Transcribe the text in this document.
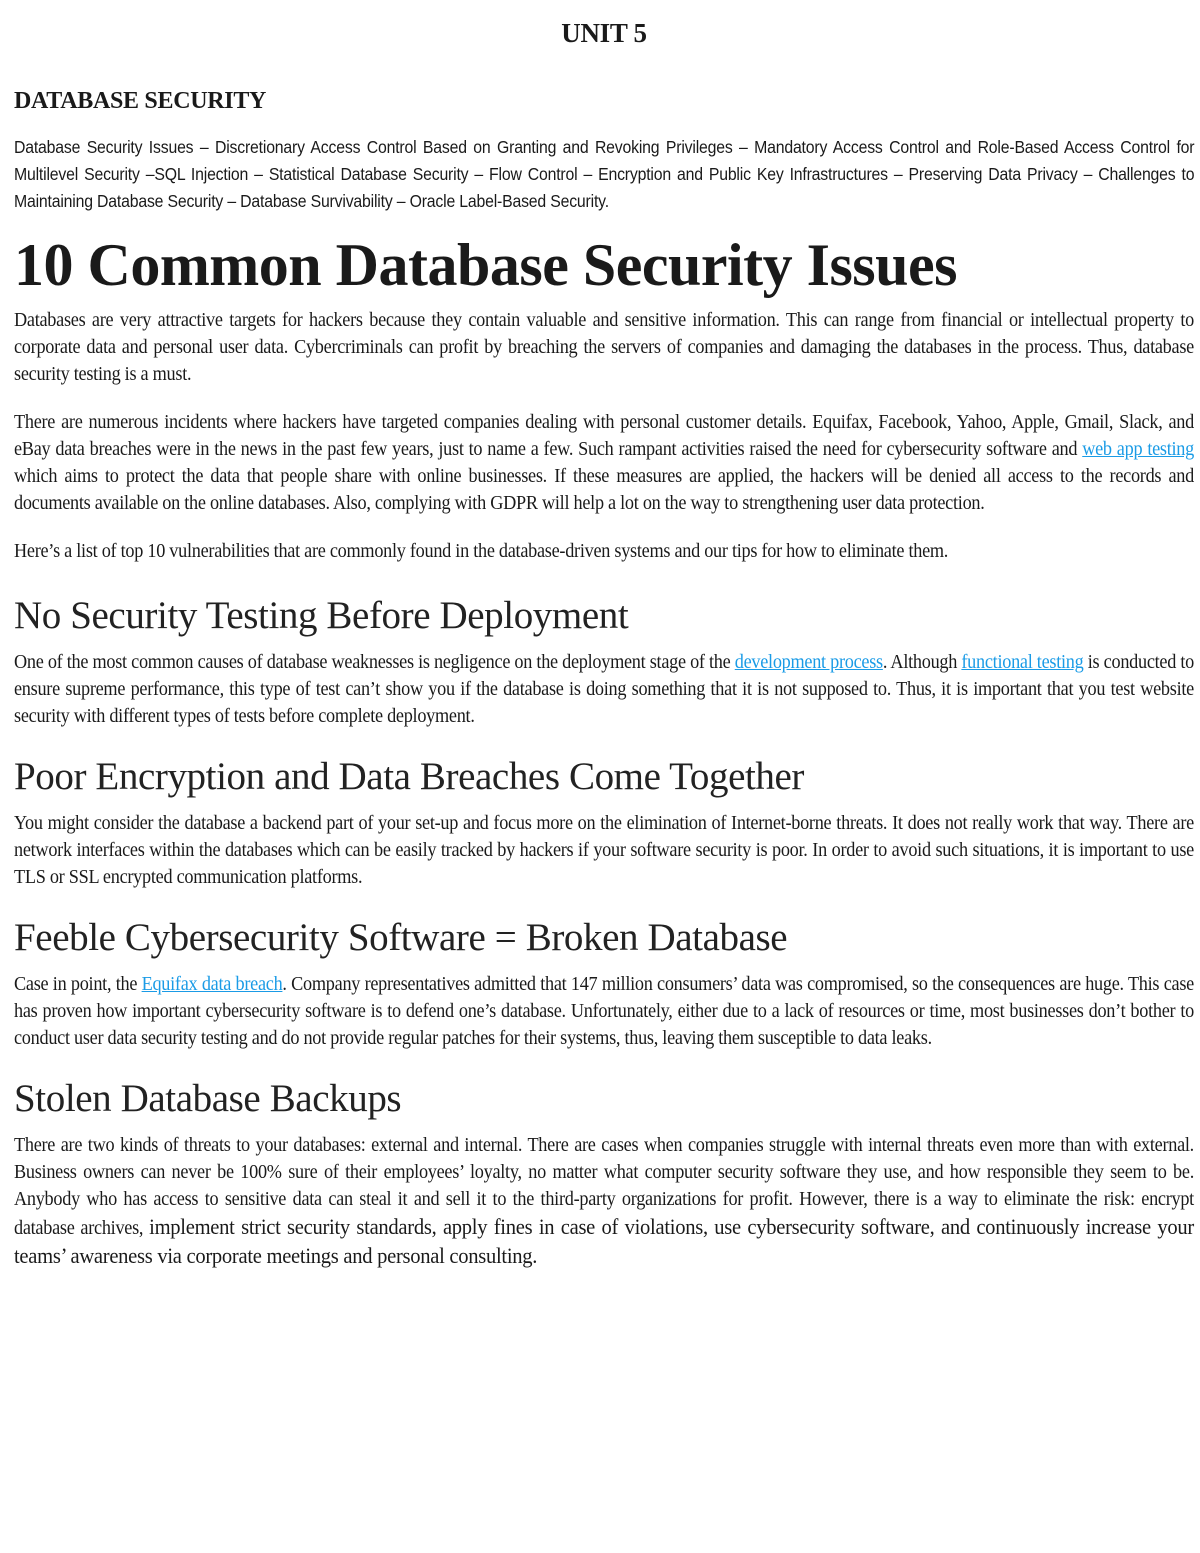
UNIT 5
DATABASE SECURITY

Database Security Issues – Discretionary Access Control Based on Granting and Revoking Privileges – Mandatory Access Control and Role-Based Access Control for Multilevel Security –SQL Injection – Statistical Database Security – Flow Control – Encryption and Public Key Infrastructures – Preserving Data Privacy – Challenges to Maintaining Database Security – Database Survivability – Oracle Label-Based Security.

10 Common Database Security Issues

Databases are very attractive targets for hackers because they contain valuable and sensitive information. This can range from financial or intellectual property to corporate data and personal user data. Cybercriminals can profit by breaching the servers of companies and damaging the databases in the process. Thus, database security testing is a must.

There are numerous incidents where hackers have targeted companies dealing with personal customer details. Equifax, Facebook, Yahoo, Apple, Gmail, Slack, and eBay data breaches were in the news in the past few years, just to name a few. Such rampant activities raised the need for cybersecurity software and web app testing which aims to protect the data that people share with online businesses. If these measures are applied, the hackers will be denied all access to the records and documents available on the online databases. Also, complying with GDPR will help a lot on the way to strengthening user data protection.

Here’s a list of top 10 vulnerabilities that are commonly found in the database-driven systems and our tips for how to eliminate them.

No Security Testing Before Deployment

One of the most common causes of database weaknesses is negligence on the deployment stage of the development process. Although functional testing is conducted to ensure supreme performance, this type of test can’t show you if the database is doing something that it is not supposed to. Thus, it is important that you test website security with different types of tests before complete deployment.

Poor Encryption and Data Breaches Come Together

You might consider the database a backend part of your set-up and focus more on the elimination of Internet-borne threats. It does not really work that way. There are network interfaces within the databases which can be easily tracked by hackers if your software security is poor. In order to avoid such situations, it is important to use TLS or SSL encrypted communication platforms.

Feeble Cybersecurity Software = Broken Database

Case in point, the Equifax data breach. Company representatives admitted that 147 million consumers’ data was compromised, so the consequences are huge. This case has proven how important cybersecurity software is to defend one’s database. Unfortunately, either due to a lack of resources or time, most businesses don’t bother to conduct user data security testing and do not provide regular patches for their systems, thus, leaving them susceptible to data leaks.

Stolen Database Backups

There are two kinds of threats to your databases: external and internal. There are cases when companies struggle with internal threats even more than with external. Business owners can never be 100% sure of their employees’ loyalty, no matter what computer security software they use, and how responsible they seem to be. Anybody who has access to sensitive data can steal it and sell it to the third-party organizations for profit. However, there is a way to eliminate the risk: encrypt database archives, implement strict security standards, apply fines in case of violations, use cybersecurity software, and continuously increase your teams’ awareness via corporate meetings and personal consulting.
